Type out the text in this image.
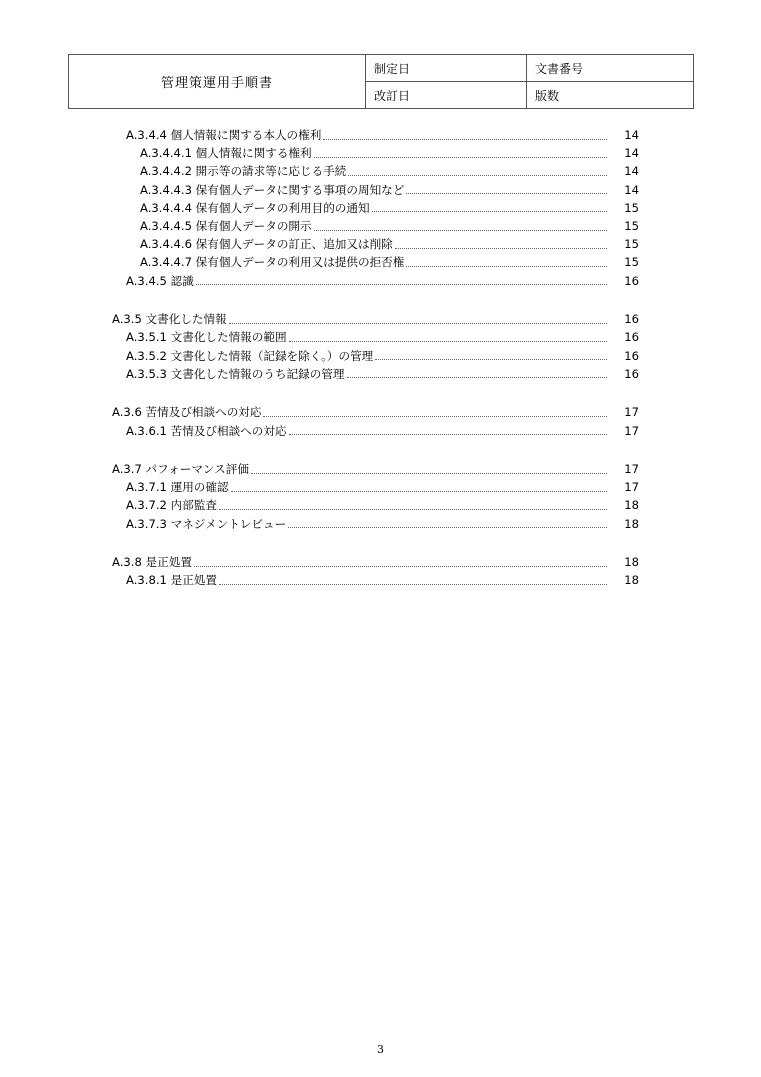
管理策運用手順書	制定日	文書番号
	改訂日	版数
A.3.4.4 個人情報に関する本人の権利	14
A.3.4.4.1 個人情報に関する権利	14
A.3.4.4.2 開示等の請求等に応じる手続	14
A.3.4.4.3 保有個人データに関する事項の周知など	14
A.3.4.4.4 保有個人データの利用目的の通知	15
A.3.4.4.5 保有個人データの開示	15
A.3.4.4.6 保有個人データの訂正、追加又は削除	15
A.3.4.4.7 保有個人データの利用又は提供の拒否権	15
A.3.4.5 認識	16
A.3.5 文書化した情報	16
A.3.5.1 文書化した情報の範囲	16
A.3.5.2 文書化した情報（記録を除く。）の管理	16
A.3.5.3 文書化した情報のうち記録の管理	16
A.3.6 苦情及び相談への対応	17
A.3.6.1 苦情及び相談への対応	17
A.3.7 パフォーマンス評価	17
A.3.7.1 運用の確認	17
A.3.7.2 内部監査	18
A.3.7.3 マネジメントレビュー	18
A.3.8 是正処置	18
A.3.8.1 是正処置	18
3
